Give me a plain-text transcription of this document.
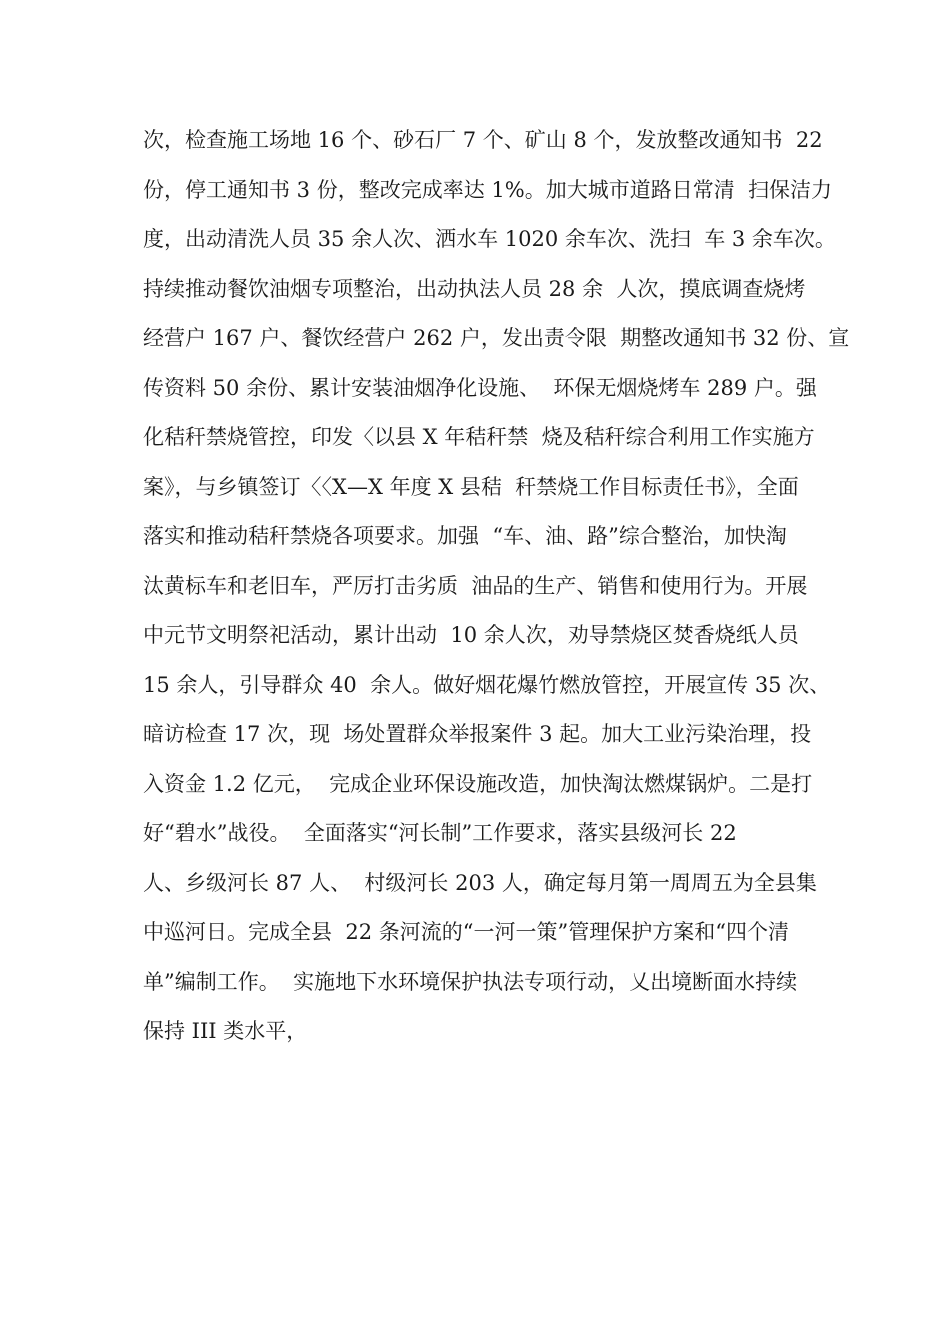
次，检查施工场地 16 个、砂石厂 7 个、矿山 8 个，发放整改通知书  22
份，停工通知书 3 份，整改完成率达 1%。加大城市道路日常清  扫保洁力
度，出动清洗人员 35 余人次、洒水车 1020 余车次、洗扫  车 3 余车次。
持续推动餐饮油烟专项整治，出动执法人员 28 余  人次，摸底调查烧烤
经营户 167 户、餐饮经营户 262 户，发出责令限  期整改通知书 32 份、宣
传资料 50 余份、累计安装油烟净化设施、  环保无烟烧烤车 289 户。强
化秸秆禁烧管控，印发〈以县 X 年秸秆禁  烧及秸秆综合利用工作实施方
案》，与乡镇签订〈〈X—X 年度 X 县秸  秆禁烧工作目标责任书》，全面
落实和推动秸秆禁烧各项要求。加强  “车、油、路”综合整治，加快淘
汰黄标车和老旧车，严厉打击劣质  油品的生产、销售和使用行为。开展
中元节文明祭祀活动，累计出动  10 余人次，劝导禁烧区焚香烧纸人员
15 余人，引导群众 40  余人。做好烟花爆竹燃放管控，开展宣传 35 次、
暗访检查 17 次，现  场处置群众举报案件 3 起。加大工业污染治理，投
入资金 1.2 亿元，  完成企业环保设施改造，加快淘汰燃煤锅炉。二是打
好“碧水”战役。  全面落实“河长制”工作要求，落实县级河长 22
人、乡级河长 87 人、  村级河长 203 人，确定每月第一周周五为全县集
中巡河日。完成全县  22 条河流的“一河一策”管理保护方案和“四个清
单”编制工作。  实施地下水环境保护执法专项行动，乂出境断面水持续
保持 III 类水平，
